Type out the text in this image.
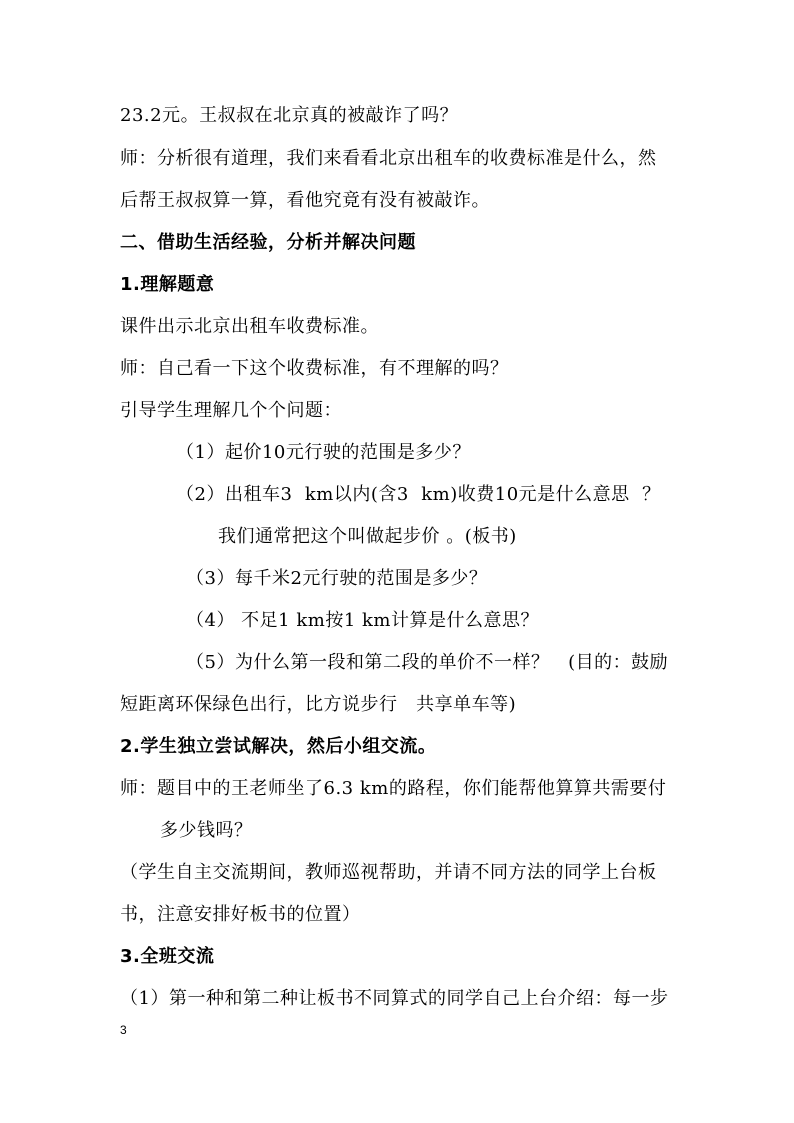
23.2元。王叔叔在北京真的被敲诈了吗？
师：分析很有道理，我们来看看北京出租车的收费标准是什么，然
后帮王叔叔算一算，看他究竟有没有被敲诈。
二、借助生活经验，分析并解决问题
1.理解题意
课件出示北京出租车收费标准。
师：自己看一下这个收费标准，有不理解的吗？
引导学生理解几个个问题：
（1）起价10元行驶的范围是多少？
（2）出租车3  km以内(含3  km)收费10元是什么意思  ？
我们通常把这个叫做起步价 。(板书)
（3）每千米2元行驶的范围是多少？
（4） 不足1 km按1 km计算是什么意思？
（5）为什么第一段和第二段的单价不一样？   (目的：鼓励
短距离环保绿色出行，比方说步行   共享单车等)
2.学生独立尝试解决，然后小组交流。
师：题目中的王老师坐了6.3 km的路程，你们能帮他算算共需要付
多少钱吗？
（学生自主交流期间，教师巡视帮助，并请不同方法的同学上台板
书，注意安排好板书的位置）
3.全班交流
（1）第一种和第二种让板书不同算式的同学自己上台介绍：每一步
3
